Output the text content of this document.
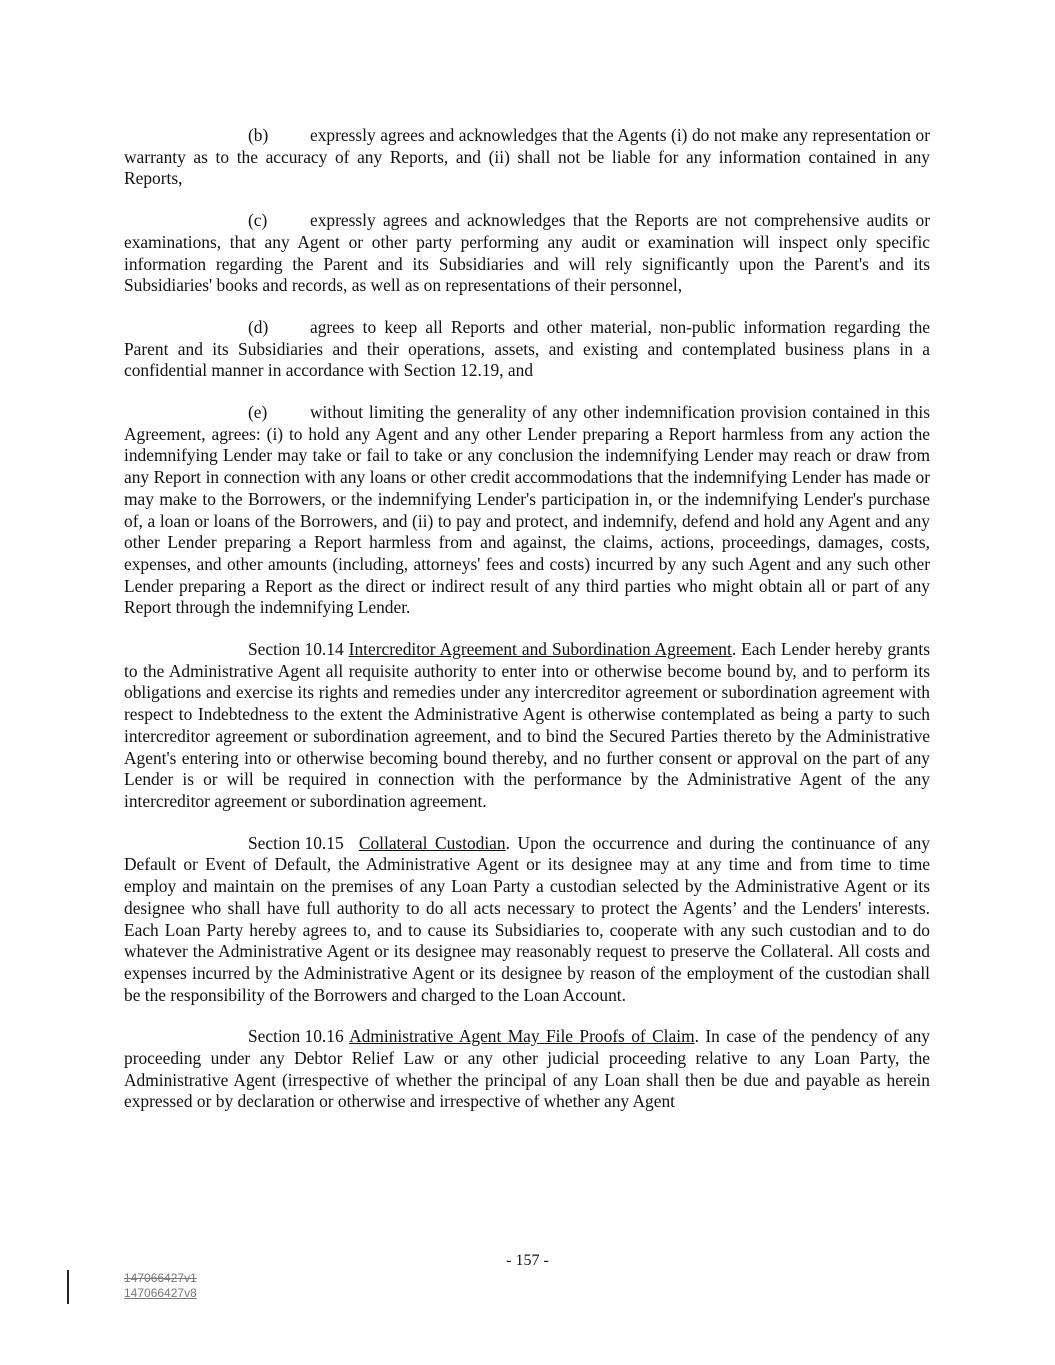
(b) expressly agrees and acknowledges that the Agents (i) do not make any representation or warranty as to the accuracy of any Reports, and (ii) shall not be liable for any information contained in any Reports,

(c) expressly agrees and acknowledges that the Reports are not comprehensive audits or examinations, that any Agent or other party performing any audit or examination will inspect only specific information regarding the Parent and its Subsidiaries and will rely significantly upon the Parent's and its Subsidiaries' books and records, as well as on representations of their personnel,

(d) agrees to keep all Reports and other material, non-public information regarding the Parent and its Subsidiaries and their operations, assets, and existing and contemplated business plans in a confidential manner in accordance with Section 12.19, and

(e) without limiting the generality of any other indemnification provision contained in this Agreement, agrees: (i) to hold any Agent and any other Lender preparing a Report harmless from any action the indemnifying Lender may take or fail to take or any conclusion the indemnifying Lender may reach or draw from any Report in connection with any loans or other credit accommodations that the indemnifying Lender has made or may make to the Borrowers, or the indemnifying Lender's participation in, or the indemnifying Lender's purchase of, a loan or loans of the Borrowers, and (ii) to pay and protect, and indemnify, defend and hold any Agent and any other Lender preparing a Report harmless from and against, the claims, actions, proceedings, damages, costs, expenses, and other amounts (including, attorneys' fees and costs) incurred by any such Agent and any such other Lender preparing a Report as the direct or indirect result of any third parties who might obtain all or part of any Report through the indemnifying Lender.

Section 10.14 Intercreditor Agreement and Subordination Agreement. Each Lender hereby grants to the Administrative Agent all requisite authority to enter into or otherwise become bound by, and to perform its obligations and exercise its rights and remedies under any intercreditor agreement or subordination agreement with respect to Indebtedness to the extent the Administrative Agent is otherwise contemplated as being a party to such intercreditor agreement or subordination agreement, and to bind the Secured Parties thereto by the Administrative Agent's entering into or otherwise becoming bound thereby, and no further consent or approval on the part of any Lender is or will be required in connection with the performance by the Administrative Agent of the any intercreditor agreement or subordination agreement.

Section 10.15 Collateral Custodian. Upon the occurrence and during the continuance of any Default or Event of Default, the Administrative Agent or its designee may at any time and from time to time employ and maintain on the premises of any Loan Party a custodian selected by the Administrative Agent or its designee who shall have full authority to do all acts necessary to protect the Agents’ and the Lenders' interests. Each Loan Party hereby agrees to, and to cause its Subsidiaries to, cooperate with any such custodian and to do whatever the Administrative Agent or its designee may reasonably request to preserve the Collateral. All costs and expenses incurred by the Administrative Agent or its designee by reason of the employment of the custodian shall be the responsibility of the Borrowers and charged to the Loan Account.

Section 10.16 Administrative Agent May File Proofs of Claim. In case of the pendency of any proceeding under any Debtor Relief Law or any other judicial proceeding relative to any Loan Party, the Administrative Agent (irrespective of whether the principal of any Loan shall then be due and payable as herein expressed or by declaration or otherwise and irrespective of whether any Agent

- 157 -
147066427v1
147066427v8
